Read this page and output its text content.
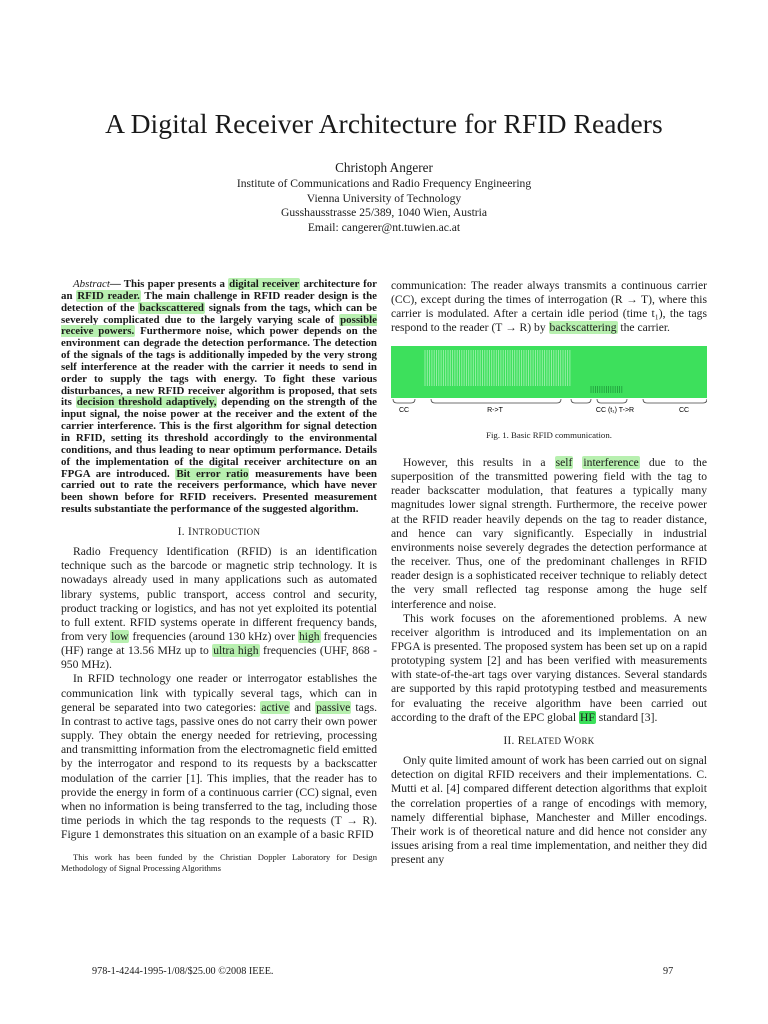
A Digital Receiver Architecture for RFID Readers
Christoph Angerer
Institute of Communications and Radio Frequency Engineering
Vienna University of Technology
Gusshausstrasse 25/389, 1040 Wien, Austria
Email: cangerer@nt.tuwien.ac.at

Abstract— This paper presents a digital receiver architecture for an RFID reader. The main challenge in RFID reader design is the detection of the backscattered signals from the tags, which can be severely complicated due to the largely varying scale of possible receive powers. Furthermore noise, which power depends on the environment can degrade the detection performance. The detection of the signals of the tags is additionally impeded by the very strong self interference at the reader with the carrier it needs to send in order to supply the tags with energy. To fight these various disturbances, a new RFID receiver algorithm is proposed, that sets its decision threshold adaptively, depending on the strength of the input signal, the noise power at the receiver and the extent of the carrier interference. This is the first algorithm for signal detection in RFID, setting its threshold accordingly to the environmental conditions, and thus leading to near optimum performance. Details of the implementation of the digital receiver architecture on an FPGA are introduced. Bit error ratio measurements have been carried out to rate the receivers performance, which have never been shown before for RFID receivers. Presented measurement results substantiate the performance of the suggested algorithm.

I. INTRODUCTION

Radio Frequency Identification (RFID) is an identification technique such as the barcode or magnetic strip technology. It is nowadays already used in many applications such as automated library systems, public transport, access control and security, product tracking or logistics, and has not yet exploited its potential to full extent. RFID systems operate in different frequency bands, from very low frequencies (around 130 kHz) over high frequencies (HF) range at 13.56 MHz up to ultra high frequencies (UHF, 868 - 950 MHz).

In RFID technology one reader or interrogator establishes the communication link with typically several tags, which can in general be separated into two categories: active and passive tags. In contrast to active tags, passive ones do not carry their own power supply. They obtain the energy needed for retrieving, processing and transmitting information from the electromagnetic field emitted by the interrogator and respond to its requests by a backscatter modulation of the carrier [1]. This implies, that the reader has to provide the energy in form of a continuous carrier (CC) signal, even when no information is being transferred to the tag, including those time periods in which the tag responds to the requests (T → R). Figure 1 demonstrates this situation on an example of a basic RFID

This work has been funded by the Christian Doppler Laboratory for Design Methodology of Signal Processing Algorithms

communication: The reader always transmits a continuous carrier (CC), except during the times of interrogation (R → T), where this carrier is modulated. After a certain idle period (time t₁), the tags respond to the reader (T → R) by backscattering the carrier.

CC	R->T	CC (t₁) T->R	CC
Fig. 1. Basic RFID communication.

However, this results in a self interference due to the superposition of the transmitted powering field with the tag to reader backscatter modulation, that features a typically many magnitudes lower signal strength. Furthermore, the receive power at the RFID reader heavily depends on the tag to reader distance, and hence can vary significantly. Especially in industrial environments noise severely degrades the detection performance at the receiver. Thus, one of the predominant challenges in RFID reader design is a sophisticated receiver technique to reliably detect the very small reflected tag response among the huge self interference and noise.

This work focuses on the aforementioned problems. A new receiver algorithm is introduced and its implementation on an FPGA is presented. The proposed system has been set up on a rapid prototyping system [2] and has been verified with measurements with state-of-the-art tags over varying distances. Several standards are supported by this rapid prototyping testbed and measurements for evaluating the receive algorithm have been carried out according to the draft of the EPC global HF standard [3].

II. RELATED WORK

Only quite limited amount of work has been carried out on signal detection on digital RFID receivers and their implementations. C. Mutti et al. [4] compared different detection algorithms that exploit the correlation properties of a range of encodings with memory, namely differential biphase, Manchester and Miller encodings. Their work is of theoretical nature and did hence not consider any issues arising from a real time implementation, and neither they did present any

978-1-4244-1995-1/08/$25.00 ©2008 IEEE.	97
